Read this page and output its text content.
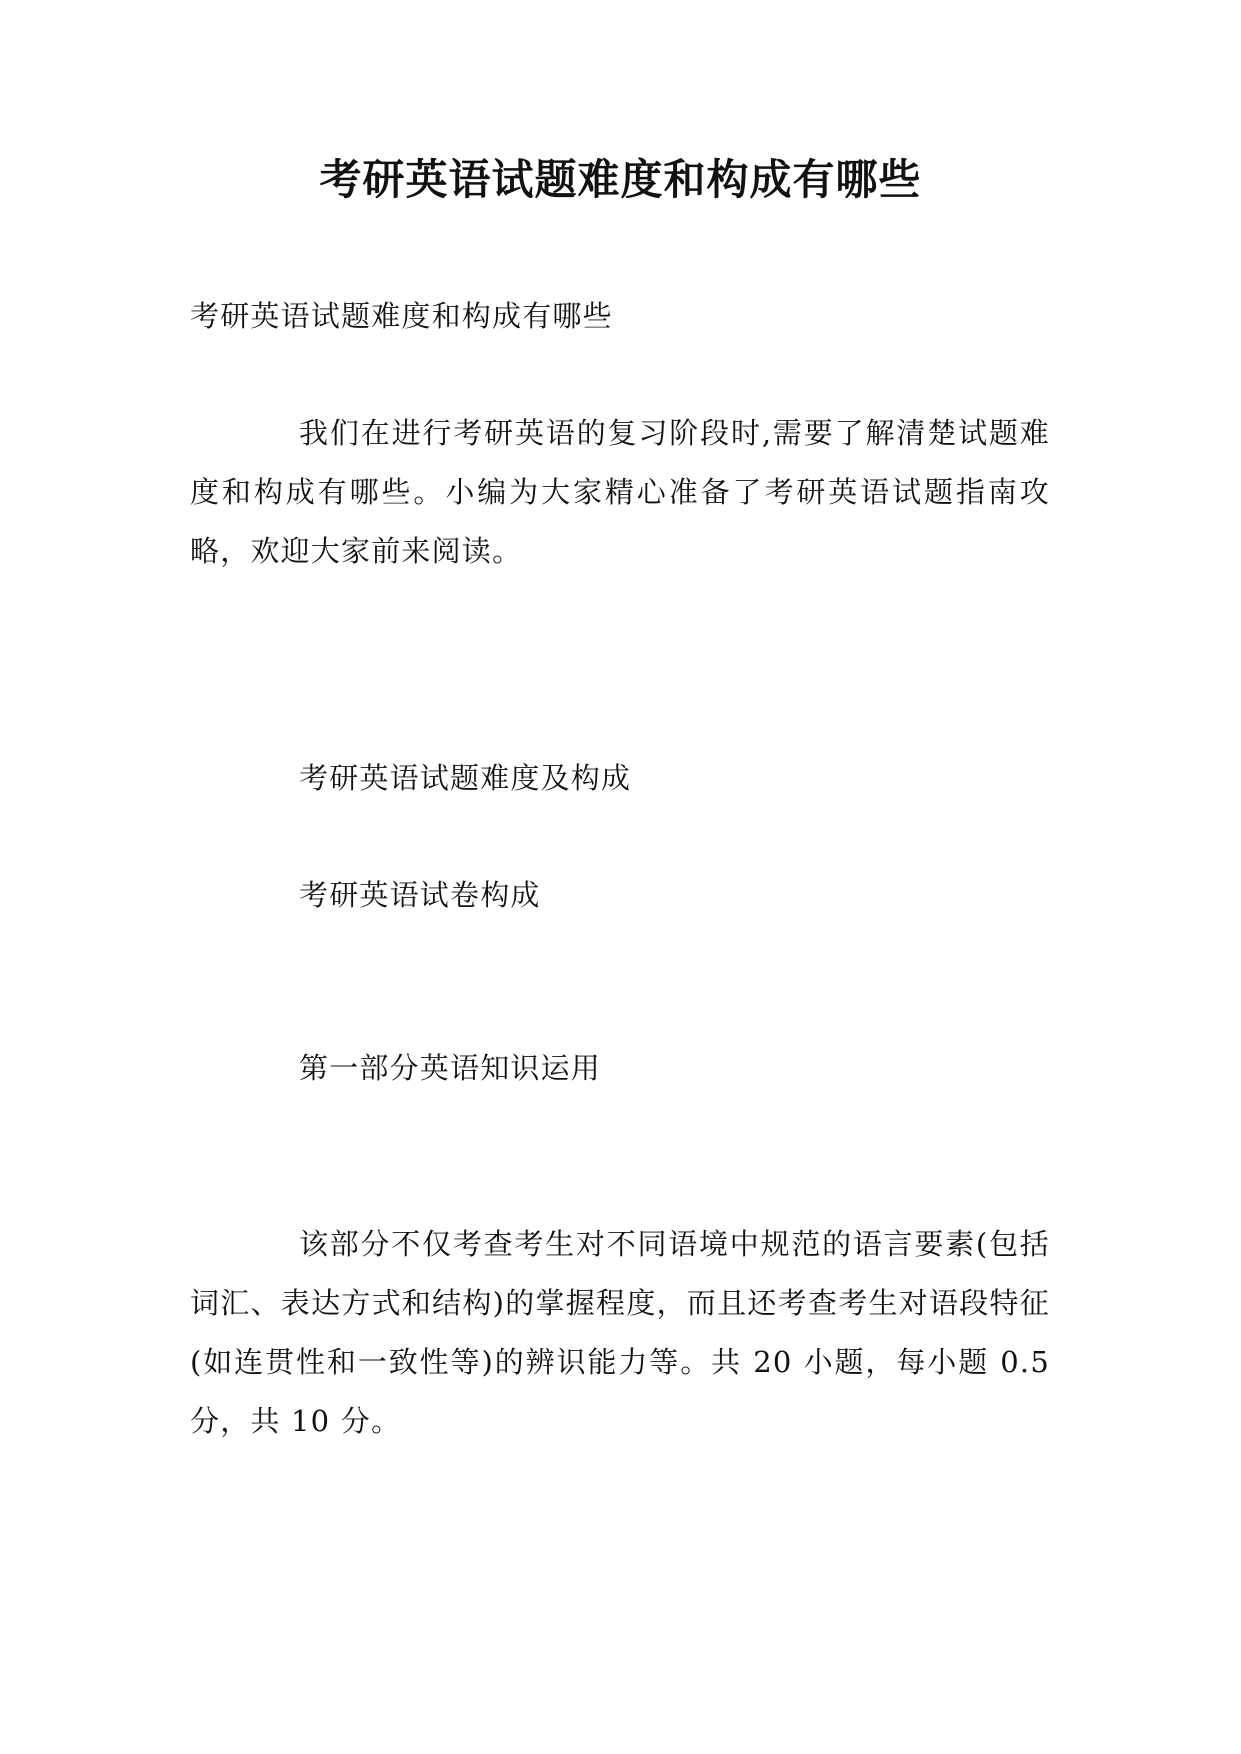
考研英语试题难度和构成有哪些
考研英语试题难度和构成有哪些
我们在进行考研英语的复习阶段时,需要了解清楚试题难度和构成有哪些。小编为大家精心准备了考研英语试题指南攻略，欢迎大家前来阅读。
考研英语试题难度及构成
考研英语试卷构成
第一部分英语知识运用
该部分不仅考查考生对不同语境中规范的语言要素(包括词汇、表达方式和结构)的掌握程度，而且还考查考生对语段特征(如连贯性和一致性等)的辨识能力等。共 20 小题，每小题 0.5 分，共 10 分。
